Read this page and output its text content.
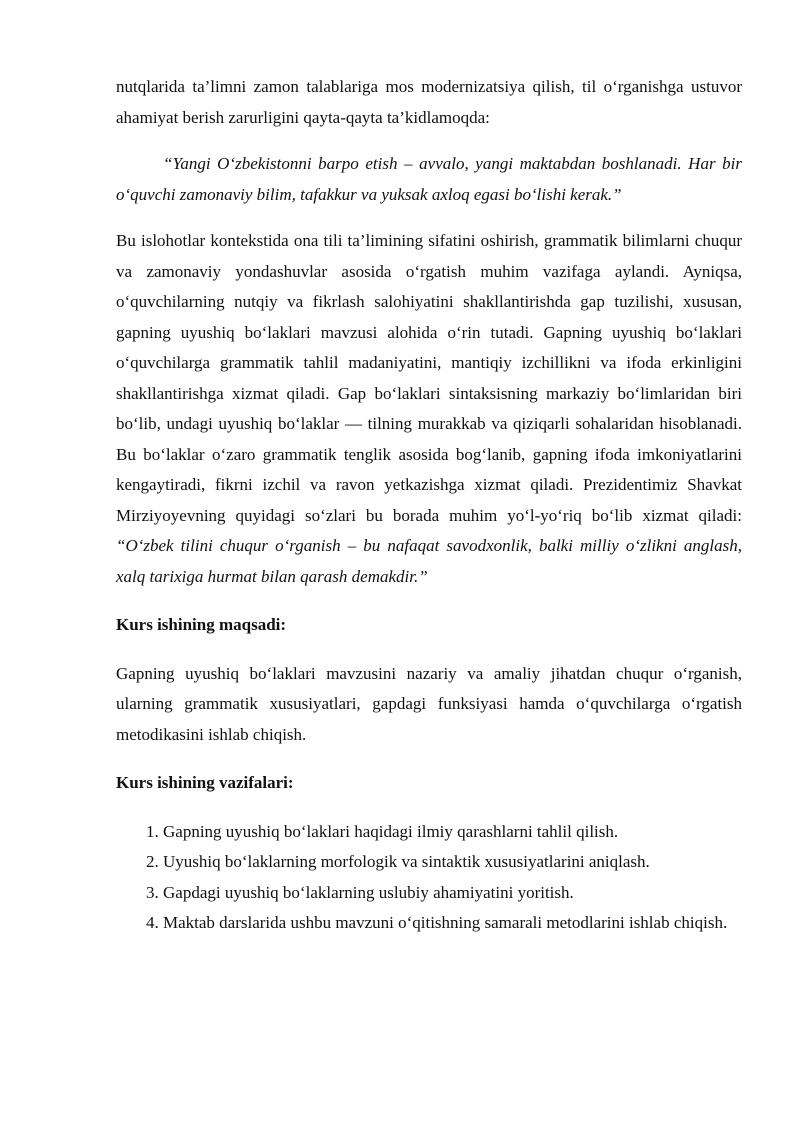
nutqlarida ta’limni zamon talablariga mos modernizatsiya qilish, til oʻrganishga ustuvor ahamiyat berish zarurligini qayta-qayta ta’kidlamoqda:

“Yangi Oʻzbekistonni barpo etish – avvalo, yangi maktabdan boshlanadi. Har bir oʻquvchi zamonaviy bilim, tafakkur va yuksak axloq egasi boʻlishi kerak.”

Bu islohotlar kontekstida ona tili ta’limining sifatini oshirish, grammatik bilimlarni chuqur va zamonaviy yondashuvlar asosida oʻrgatish muhim vazifaga aylandi. Ayniqsa, oʻquvchilarning nutqiy va fikrlash salohiyatini shakllantirishda gap tuzilishi, xususan, gapning uyushiq boʻlaklari mavzusi alohida oʻrin tutadi. Gapning uyushiq boʻlaklari oʻquvchilarga grammatik tahlil madaniyatini, mantiqiy izchillikni va ifoda erkinligini shakllantirishga xizmat qiladi. Gap boʻlaklari sintaksisning markaziy boʻlimlaridan biri boʻlib, undagi uyushiq boʻlaklar — tilning murakkab va qiziqarli sohalaridan hisoblanadi. Bu boʻlaklar oʻzaro grammatik tenglik asosida bogʻlanib, gapning ifoda imkoniyatlarini kengaytiradi, fikrni izchil va ravon yetkazishga xizmat qiladi. Prezidentimiz Shavkat Mirziyoyevning quyidagi soʻzlari bu borada muhim yoʻl-yoʻriq boʻlib xizmat qiladi: “Oʻzbek tilini chuqur oʻrganish – bu nafaqat savodxonlik, balki milliy oʻzlikni anglash, xalq tarixiga hurmat bilan qarash demakdir.”

Kurs ishining maqsadi:

Gapning uyushiq boʻlaklari mavzusini nazariy va amaliy jihatdan chuqur oʻrganish, ularning grammatik xususiyatlari, gapdagi funksiyasi hamda oʻquvchilarga oʻrgatish metodikasini ishlab chiqish.

Kurs ishining vazifalari:

1. Gapning uyushiq boʻlaklari haqidagi ilmiy qarashlarni tahlil qilish.
2. Uyushiq boʻlaklarning morfologik va sintaktik xususiyatlarini aniqlash.
3. Gapdagi uyushiq boʻlaklarning uslubiy ahamiyatini yoritish.
4. Maktab darslarida ushbu mavzuni oʻqitishning samarali metodlarini ishlab chiqish.
